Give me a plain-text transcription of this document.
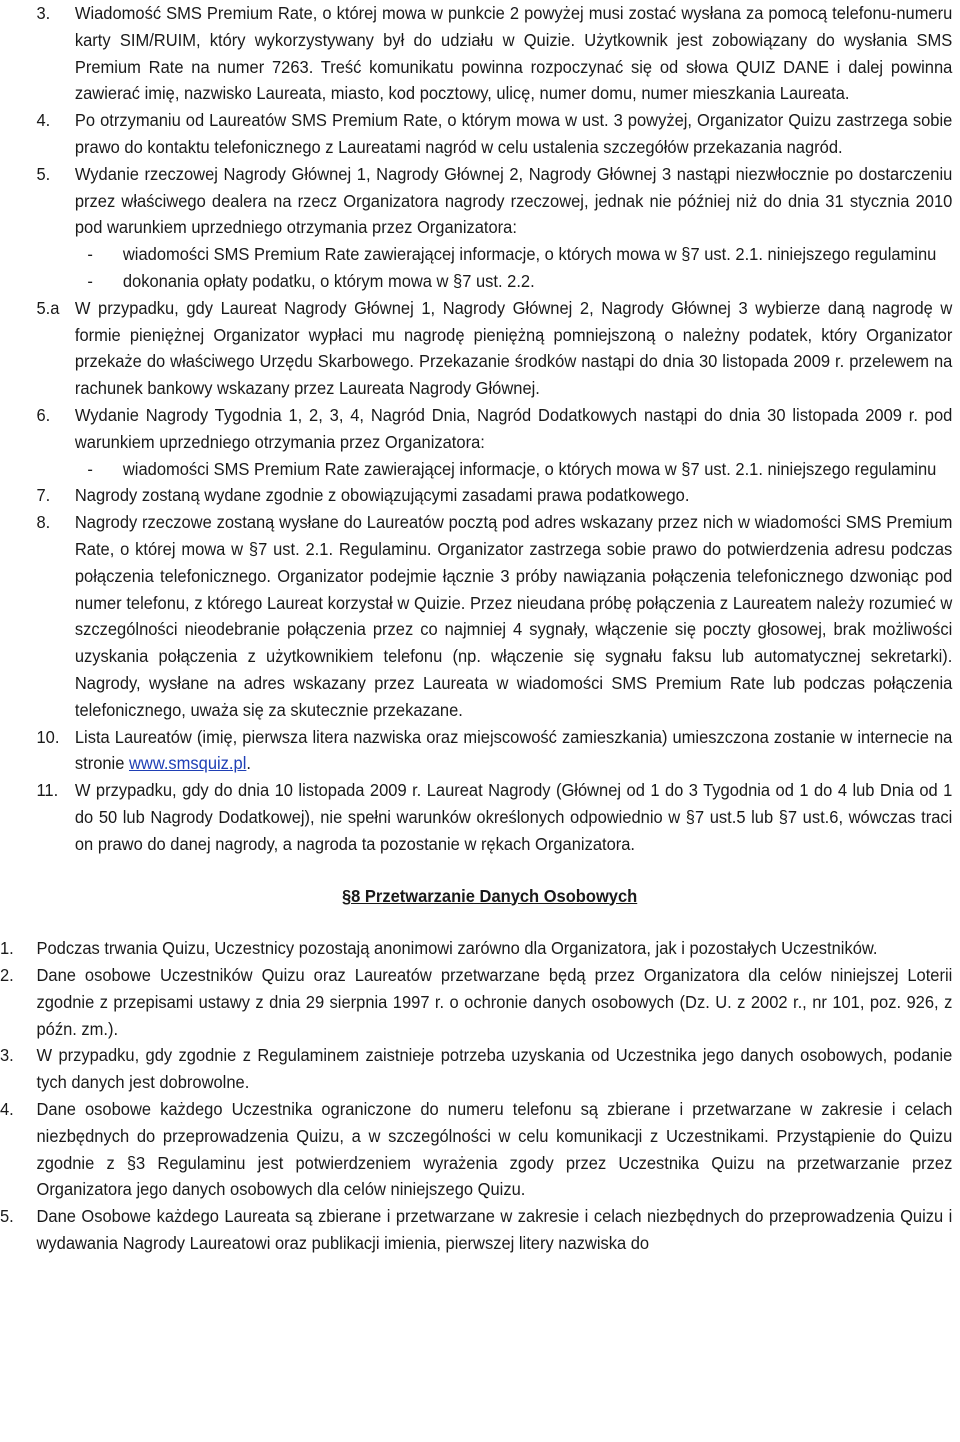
3. Wiadomość SMS Premium Rate, o której mowa w punkcie 2 powyżej musi zostać wysłana za pomocą telefonu-numeru karty SIM/RUIM, który wykorzystywany był do udziału w Quizie. Użytkownik jest zobowiązany do wysłania SMS Premium Rate na numer 7263. Treść komunikatu powinna rozpoczynać się od słowa QUIZ DANE i dalej powinna zawierać imię, nazwisko Laureata, miasto, kod pocztowy, ulicę, numer domu, numer mieszkania Laureata.
4. Po otrzymaniu od Laureatów SMS Premium Rate, o którym mowa w ust. 3 powyżej, Organizator Quizu zastrzega sobie prawo do kontaktu telefonicznego z Laureatami nagród w celu ustalenia szczegółów przekazania nagród.
5. Wydanie rzeczowej Nagrody Głównej 1, Nagrody Głównej 2, Nagrody Głównej 3 nastąpi niezwłocznie po dostarczeniu przez właściwego dealera na rzecz Organizatora nagrody rzeczowej, jednak nie później niż do dnia 31 stycznia 2010 pod warunkiem uprzedniego otrzymania przez Organizatora:
- wiadomości SMS Premium Rate zawierającej informacje, o których mowa w §7 ust. 2.1. niniejszego regulaminu
- dokonania opłaty podatku, o którym mowa w §7 ust. 2.2.
5.a W przypadku, gdy Laureat Nagrody Głównej 1, Nagrody Głównej 2, Nagrody Głównej 3 wybierze daną nagrodę w formie pieniężnej Organizator wypłaci mu nagrodę pieniężną pomniejszoną o należny podatek, który Organizator przekaże do właściwego Urzędu Skarbowego. Przekazanie środków nastąpi do dnia 30 listopada 2009 r. przelewem na rachunek bankowy wskazany przez Laureata Nagrody Głównej.
6. Wydanie Nagrody Tygodnia 1, 2, 3, 4, Nagród Dnia, Nagród Dodatkowych nastąpi do dnia 30 listopada 2009 r. pod warunkiem uprzedniego otrzymania przez Organizatora:
- wiadomości SMS Premium Rate zawierającej informacje, o których mowa w §7 ust. 2.1. niniejszego regulaminu
7. Nagrody zostaną wydane zgodnie z obowiązującymi zasadami prawa podatkowego.
8. Nagrody rzeczowe zostaną wysłane do Laureatów pocztą pod adres wskazany przez nich w wiadomości SMS Premium Rate, o której mowa w §7 ust. 2.1. Regulaminu. Organizator zastrzega sobie prawo do potwierdzenia adresu podczas połączenia telefonicznego. Organizator podejmie łącznie 3 próby nawiązania połączenia telefonicznego dzwoniąc pod numer telefonu, z którego Laureat korzystał w Quizie. Przez nieudana próbę połączenia z Laureatem należy rozumieć w szczególności nieodebranie połączenia przez co najmniej 4 sygnały, włączenie się poczty głosowej, brak możliwości uzyskania połączenia z użytkownikiem telefonu (np. włączenie się sygnału faksu lub automatycznej sekretarki). Nagrody, wysłane na adres wskazany przez Laureata w wiadomości SMS Premium Rate lub podczas połączenia telefonicznego, uważa się za skutecznie przekazane.
10. Lista Laureatów (imię, pierwsza litera nazwiska oraz miejscowość zamieszkania) umieszczona zostanie w internecie na stronie www.smsquiz.pl.
11. W przypadku, gdy do dnia 10 listopada 2009 r. Laureat Nagrody (Głównej od 1 do 3 Tygodnia od 1 do 4 lub Dnia od 1 do 50 lub Nagrody Dodatkowej), nie spełni warunków określonych odpowiednio w §7 ust.5 lub §7 ust.6, wówczas traci on prawo do danej nagrody, a nagroda ta pozostanie w rękach Organizatora.
§8 Przetwarzanie Danych Osobowych
1. Podczas trwania Quizu, Uczestnicy pozostają anonimowi zarówno dla Organizatora, jak i pozostałych Uczestników.
2. Dane osobowe Uczestników Quizu oraz Laureatów przetwarzane będą przez Organizatora dla celów niniejszej Loterii zgodnie z przepisami ustawy z dnia 29 sierpnia 1997 r. o ochronie danych osobowych (Dz. U. z 2002 r., nr 101, poz. 926, z późn. zm.).
3. W przypadku, gdy zgodnie z Regulaminem zaistnieje potrzeba uzyskania od Uczestnika jego danych osobowych, podanie tych danych jest dobrowolne.
4. Dane osobowe każdego Uczestnika ograniczone do numeru telefonu są zbierane i przetwarzane w zakresie i celach niezbędnych do przeprowadzenia Quizu, a w szczególności w celu komunikacji z Uczestnikami. Przystąpienie do Quizu zgodnie z §3 Regulaminu jest potwierdzeniem wyrażenia zgody przez Uczestnika Quizu na przetwarzanie przez Organizatora jego danych osobowych dla celów niniejszego Quizu.
5. Dane Osobowe każdego Laureata są zbierane i przetwarzane w zakresie i celach niezbędnych do przeprowadzenia Quizu i wydawania Nagrody Laureatowi oraz publikacji imienia, pierwszej litery nazwiska do
